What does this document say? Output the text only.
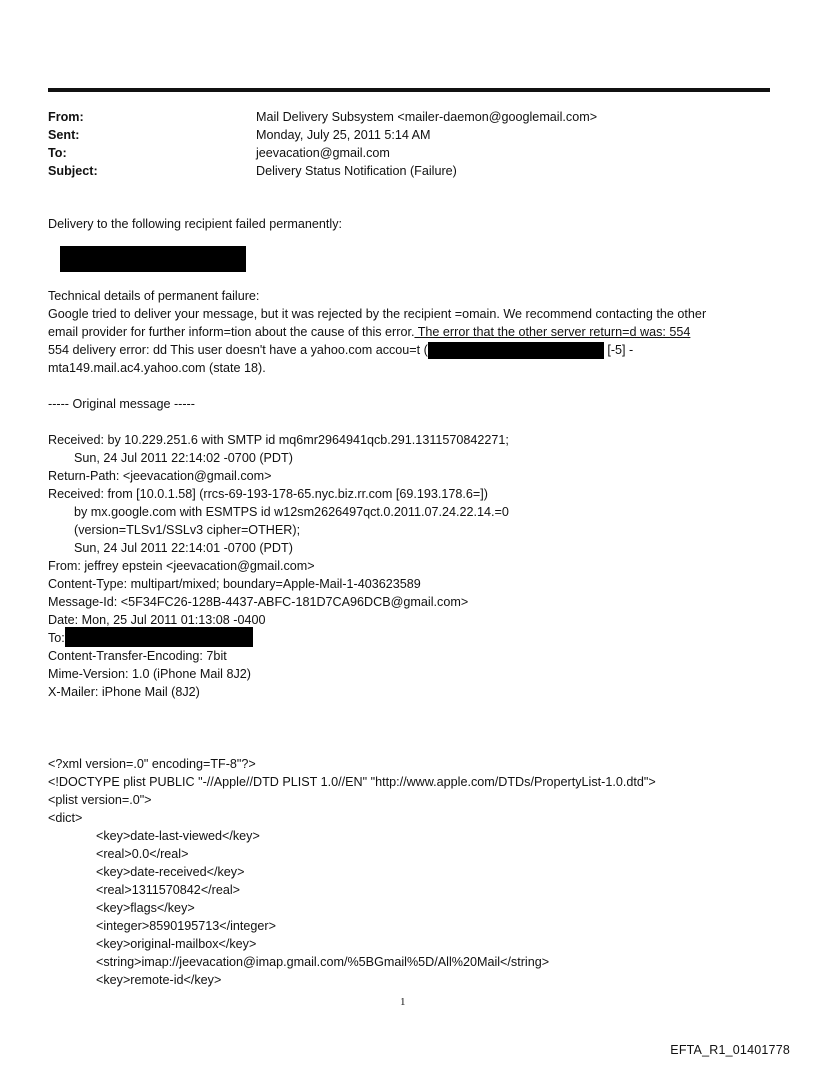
From:	Mail Delivery Subsystem <mailer-daemon@googlemail.com>
Sent:	Monday, July 25, 2011 5:14 AM
To:	jeevacation@gmail.com
Subject:	Delivery Status Notification (Failure)
Delivery to the following recipient failed permanently:
Technical details of permanent failure:
Google tried to deliver your message, but it was rejected by the recipient =omain. We recommend contacting the other
email provider for further inform=tion about the cause of this error. The error that the other server return=d was: 554
554 delivery error: dd This user doesn't have a yahoo.com accou=t (	[-5] -
mta149.mail.ac4.yahoo.com (state 18).
----- Original message -----
Received: by 10.229.251.6 with SMTP id mq6mr2964941qcb.291.1311570842271;
Sun, 24 Jul 2011 22:14:02 -0700 (PDT)
Return-Path: <jeevacation@gmail.com>
Received: from [10.0.1.58] (rrcs-69-193-178-65.nyc.biz.rr.com [69.193.178.6=])
by mx.google.com with ESMTPS id w12sm2626497qct.0.2011.07.24.22.14.=0
(version=TLSv1/SSLv3 cipher=OTHER);
Sun, 24 Jul 2011 22:14:01 -0700 (PDT)
From: jeffrey epstein <jeevacation@gmail.com>
Content-Type: multipart/mixed; boundary=Apple-Mail-1-403623589
Message-Id: <5F34FC26-128B-4437-ABFC-181D7CA96DCB@gmail.com>
Date: Mon, 25 Jul 2011 01:13:08 -0400
To:
Content-Transfer-Encoding: 7bit
Mime-Version: 1.0 (iPhone Mail 8J2)
X-Mailer: iPhone Mail (8J2)
<?xml version=.0" encoding=TF-8"?>
<!DOCTYPE plist PUBLIC "-//Apple//DTD PLIST 1.0//EN" "http://www.apple.com/DTDs/PropertyList-1.0.dtd">
<plist version=.0">
<dict>
<key>date-last-viewed</key>
<real>0.0</real>
<key>date-received</key>
<real>1311570842</real>
<key>flags</key>
<integer>8590195713</integer>
<key>original-mailbox</key>
<string>imap://jeevacation@imap.gmail.com/%5BGmail%5D/All%20Mail</string>
<key>remote-id</key>
1
EFTA_R1_01401778
